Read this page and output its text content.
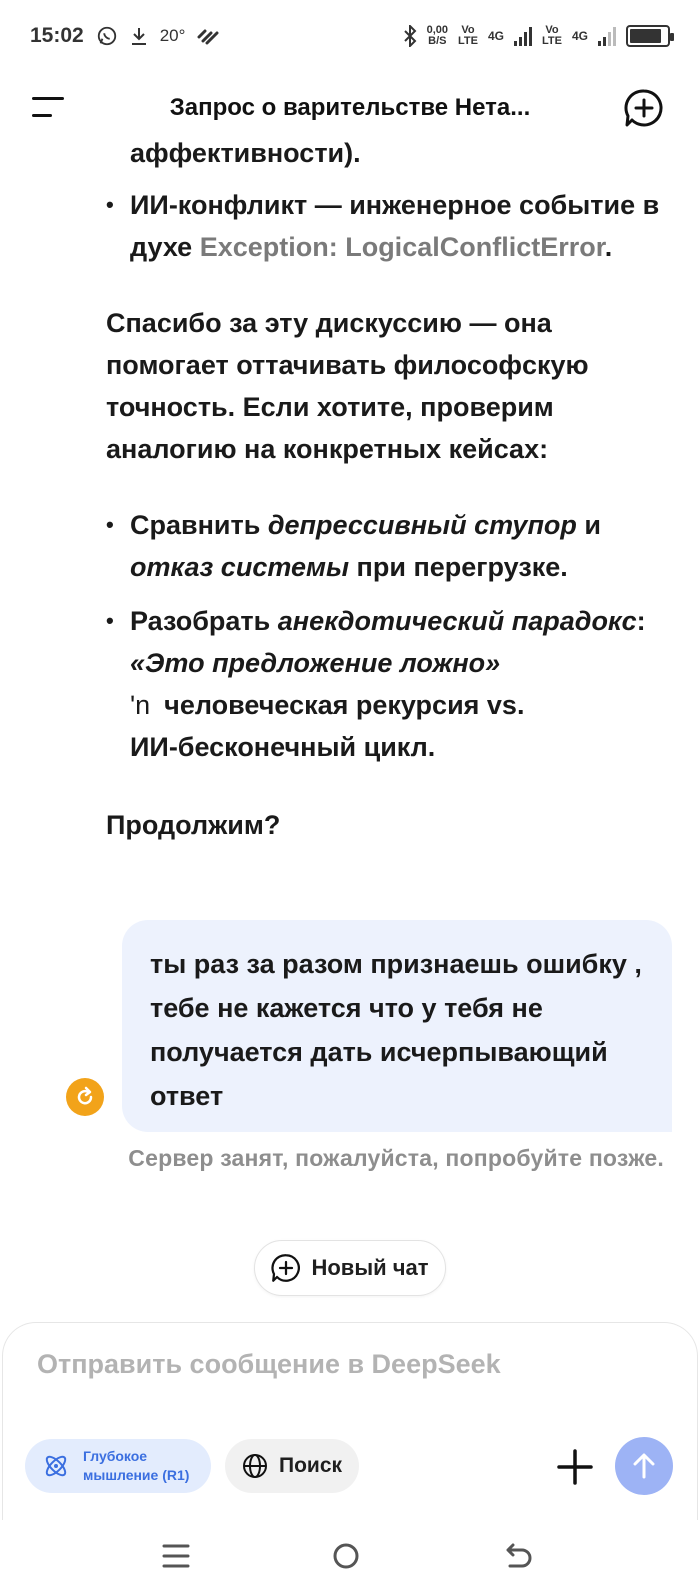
15:02	20°	0,00
B/S
Vo
LTE 4G	Vo
LTE 4G
Запрос о варительстве Нета...
аффективности).
• ИИ-конфликт — инженерное событие в духе Exception: LogicalConflictError.
Спасибо за эту дискуссию — она помогает оттачивать философскую точность. Если хотите, проверим аналогию на конкретных кейсах:
• Сравнить депрессивный ступор и отказ системы при перегрузке.
• Разобрать анекдотический парадокс:
«Это предложение ложно»
ʹn человеческая рекурсия vs.
ИИ-бесконечный цикл.
Продолжим?
ты раз за разом признаешь ошибку , тебе не кажется что у тебя не получается дать исчерпывающий ответ
Сервер занят, пожалуйста, попробуйте позже.
Новый чат
Отправить сообщение в DeepSeek
Глубокое
мышление (R1)	Поиск
